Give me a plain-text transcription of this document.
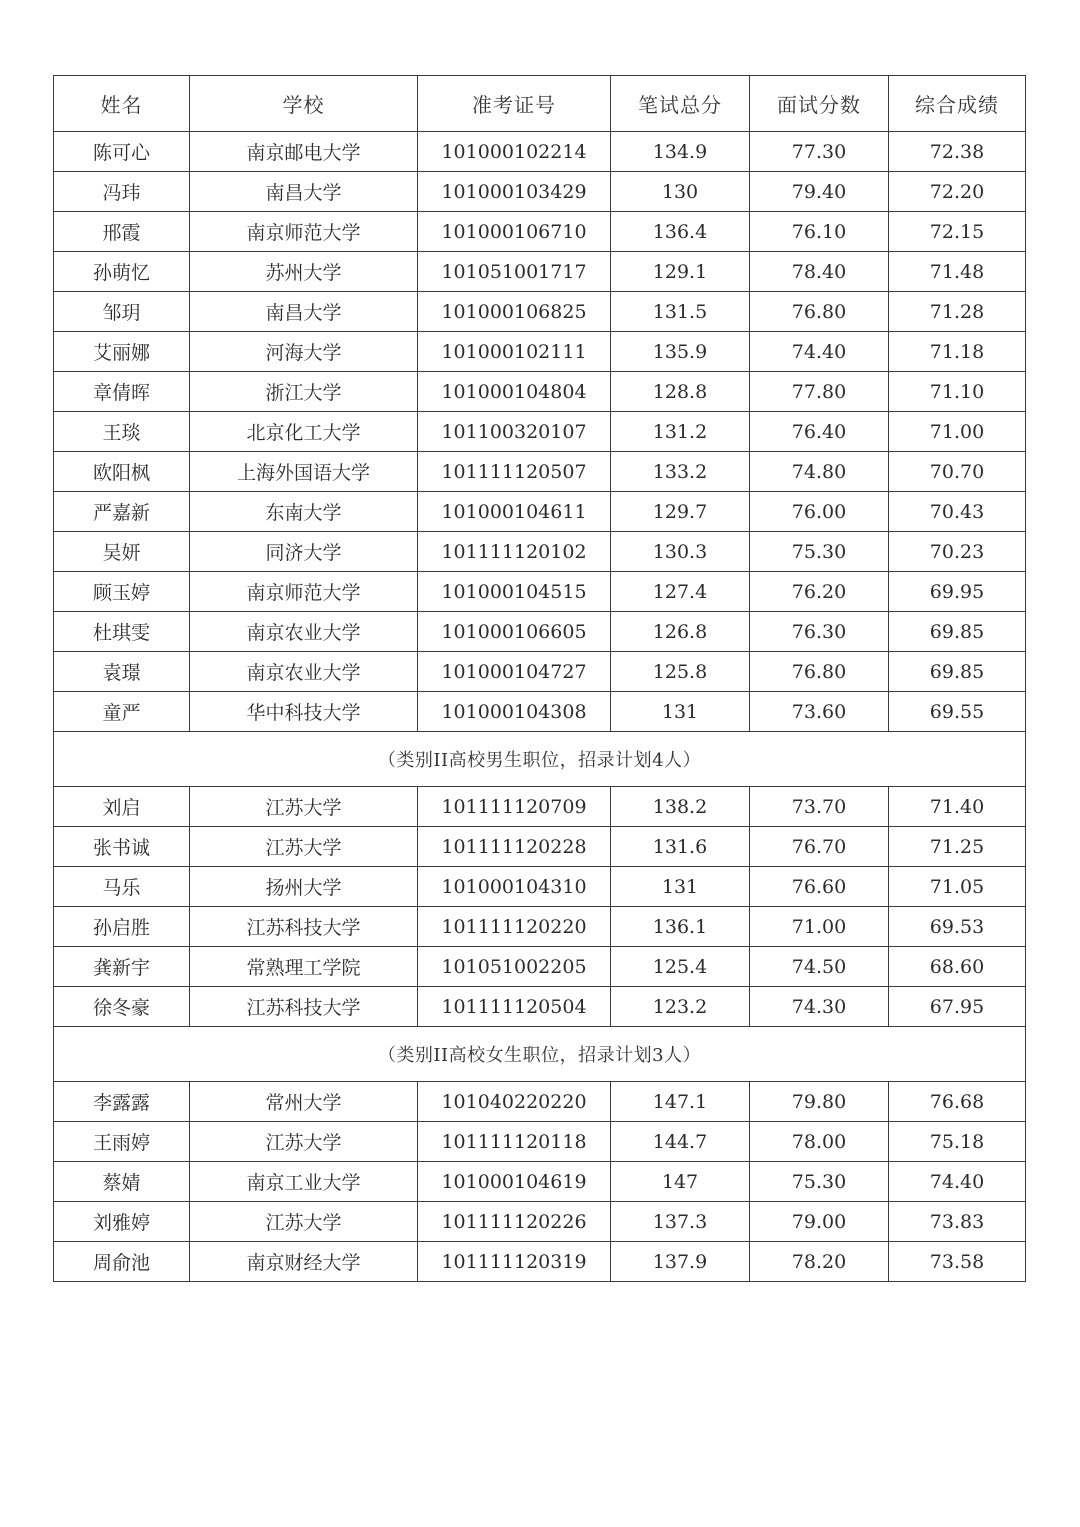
姓名	学校	准考证号	笔试总分	面试分数	综合成绩
陈可心	南京邮电大学	101000102214	134.9	77.30	72.38
冯玮	南昌大学	101000103429	130	79.40	72.20
邢霞	南京师范大学	101000106710	136.4	76.10	72.15
孙萌忆	苏州大学	101051001717	129.1	78.40	71.48
邹玥	南昌大学	101000106825	131.5	76.80	71.28
艾丽娜	河海大学	101000102111	135.9	74.40	71.18
章倩晖	浙江大学	101000104804	128.8	77.80	71.10
王琰	北京化工大学	101100320107	131.2	76.40	71.00
欧阳枫	上海外国语大学	101111120507	133.2	74.80	70.70
严嘉新	东南大学	101000104611	129.7	76.00	70.43
吴妍	同济大学	101111120102	130.3	75.30	70.23
顾玉婷	南京师范大学	101000104515	127.4	76.20	69.95
杜琪雯	南京农业大学	101000106605	126.8	76.30	69.85
袁璟	南京农业大学	101000104727	125.8	76.80	69.85
童严	华中科技大学	101000104308	131	73.60	69.55
（类别II高校男生职位，招录计划4人）					
刘启	江苏大学	101111120709	138.2	73.70	71.40
张书诚	江苏大学	101111120228	131.6	76.70	71.25
马乐	扬州大学	101000104310	131	76.60	71.05
孙启胜	江苏科技大学	101111120220	136.1	71.00	69.53
龚新宇	常熟理工学院	101051002205	125.4	74.50	68.60
徐冬豪	江苏科技大学	101111120504	123.2	74.30	67.95
（类别II高校女生职位，招录计划3人）					
李露露	常州大学	101040220220	147.1	79.80	76.68
王雨婷	江苏大学	101111120118	144.7	78.00	75.18
蔡婧	南京工业大学	101000104619	147	75.30	74.40
刘雅婷	江苏大学	101111120226	137.3	79.00	73.83
周俞池	南京财经大学	101111120319	137.9	78.20	73.58
